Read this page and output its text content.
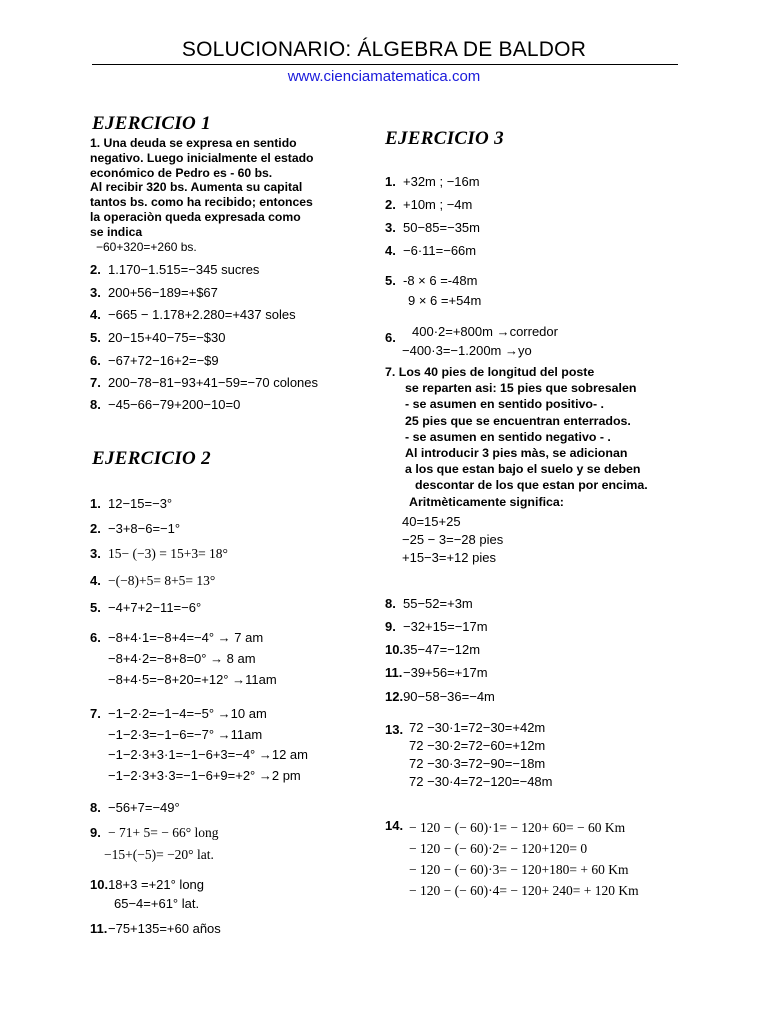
SOLUCIONARIO: ÁLGEBRA DE BALDOR
www.cienciamatematica.com
EJERCICIO 1
1. Una deuda se expresa en sentido
negativo. Luego inicialmente el estado
económico de Pedro es - 60 bs.
Al recibir 320 bs. Aumenta su capital
tantos bs. como ha recibido; entonces
la operaciòn queda expresada como
se indica
−60+320=+260 bs.
2. 1.170−1.515=−345 sucres
3. 200+56−189=+$67
4. −665 − 1.178+2.280=+437 soles
5. 20−15+40−75=−$30
6. −67+72−16+2=−$9
7. 200−78−81−93+41−59=−70 colones
8. −45−66−79+200−10=0
EJERCICIO 2
1. 12−15=−3°
2. −3+8−6=−1°
3. 15− (−3) = 15+3= 18°
4. −(−8)+5= 8+5= 13°
5. −4+7+2−11=−6°
6. −8+4·1=−8+4=−4° → 7 am
−8+4·2=−8+8=0° → 8 am
−8+4·5=−8+20=+12° →11am
7. −1−2·2=−1−4=−5° →10 am
−1−2·3=−1−6=−7° →11am
−1−2·3+3·1=−1−6+3=−4° →12 am
−1−2·3+3·3=−1−6+9=+2° →2 pm
8. −56+7=−49°
9. − 71+ 5= − 66° long
−15+(−5)= −20° lat.
10.18+3 =+21° long
65−4=+61° lat.
11.−75+135=+60 años
EJERCICIO 3
1. +32m ; −16m
2. +10m ; −4m
3. 50−85=−35m
4. −6·11=−66m
5. -8 × 6 =-48m
9 × 6 =+54m
6.	400·2=+800m →corredor
−400·3=−1.200m →yo
7. Los 40 pies de longitud del poste
se reparten asi: 15 pies que sobresalen
- se asumen en sentido positivo- .
25 pies que se encuentran enterrados.
- se asumen en sentido negativo - .
Al introducir 3 pies màs, se adicionan
a los que estan bajo el suelo y se deben
descontar de los que estan por encima.
Aritmèticamente significa:
40=15+25
−25 − 3=−28 pies
+15−3=+12 pies
8. 55−52=+3m
9. −32+15=−17m
10.35−47=−12m
11.−39+56=+17m
12.90−58−36=−4m
13. 72 −30·1=72−30=+42m
72 −30·2=72−60=+12m
72 −30·3=72−90=−18m
72 −30·4=72−120=−48m
14. − 120 − (− 60)·1= − 120+ 60= − 60 Km
− 120 − (− 60)·2= − 120+120= 0
− 120 − (− 60)·3= − 120+180= + 60 Km
− 120 − (− 60)·4= − 120+ 240= + 120 Km
